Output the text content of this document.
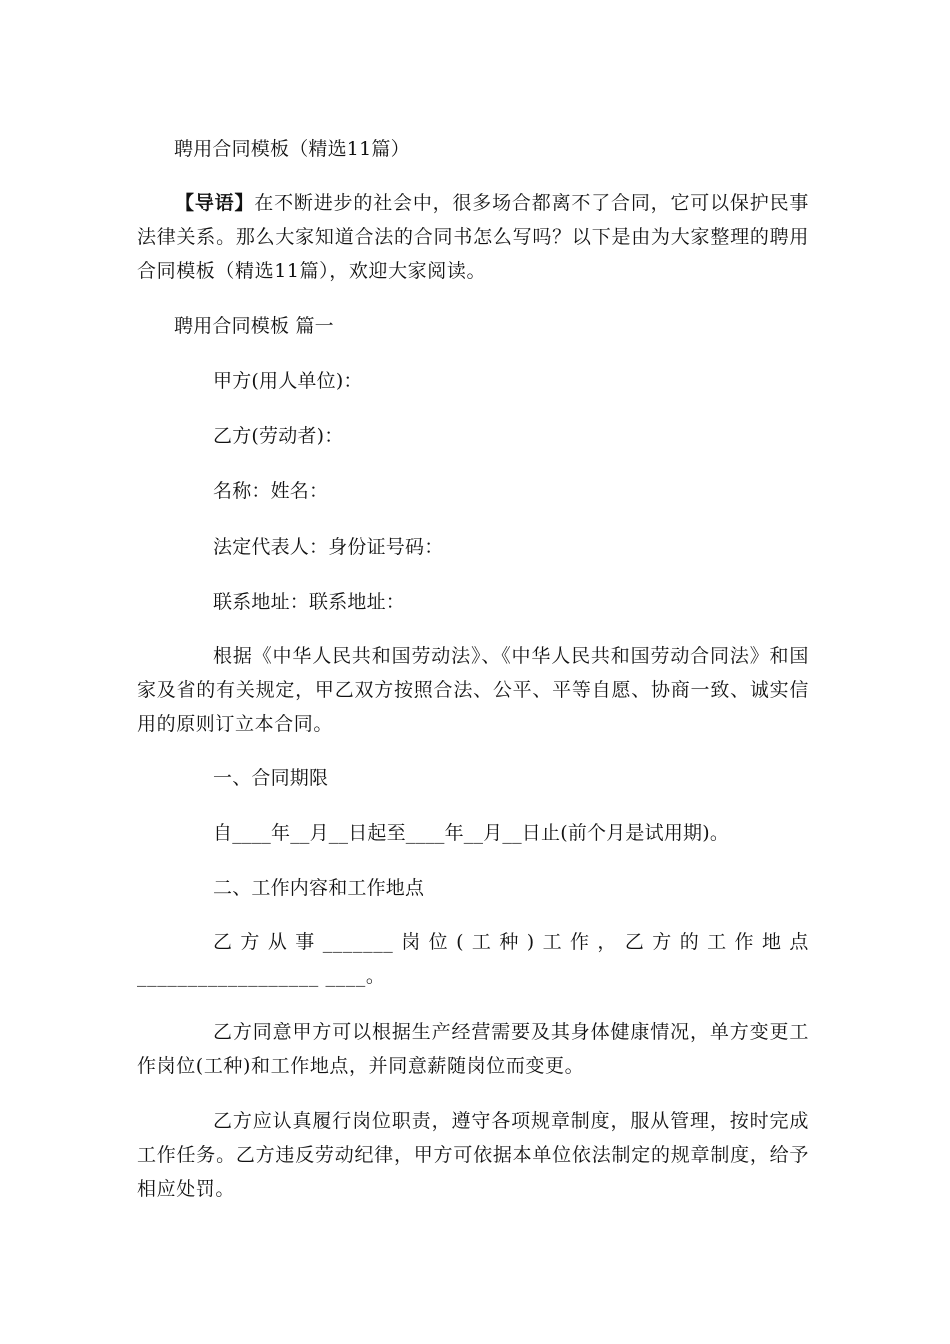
聘用合同模板（精选11篇）

【导语】在不断进步的社会中，很多场合都离不了合同，它可以保护民事法律关系。那么大家知道合法的合同书怎么写吗？以下是由为大家整理的聘用合同模板（精选11篇），欢迎大家阅读。

聘用合同模板 篇一
甲方(用人单位)：
乙方(劳动者)：
名称：姓名：
法定代表人：身份证号码：
联系地址：联系地址：

根据《中华人民共和国劳动法》、《中华人民共和国劳动合同法》和国家及省的有关规定，甲乙双方按照合法、公平、平等自愿、协商一致、诚实信用的原则订立本合同。

一、合同期限
自____年__月__日起至____年__月__日止(前个月是试用期)。
二、工作内容和工作地点

乙方从事_______岗位(工种)工作，乙方的工作地点__________________ ____。

乙方同意甲方可以根据生产经营需要及其身体健康情况，单方变更工作岗位(工种)和工作地点，并同意薪随岗位而变更。

乙方应认真履行岗位职责，遵守各项规章制度，服从管理，按时完成工作任务。乙方违反劳动纪律，甲方可依据本单位依法制定的规章制度，给予相应处罚。
